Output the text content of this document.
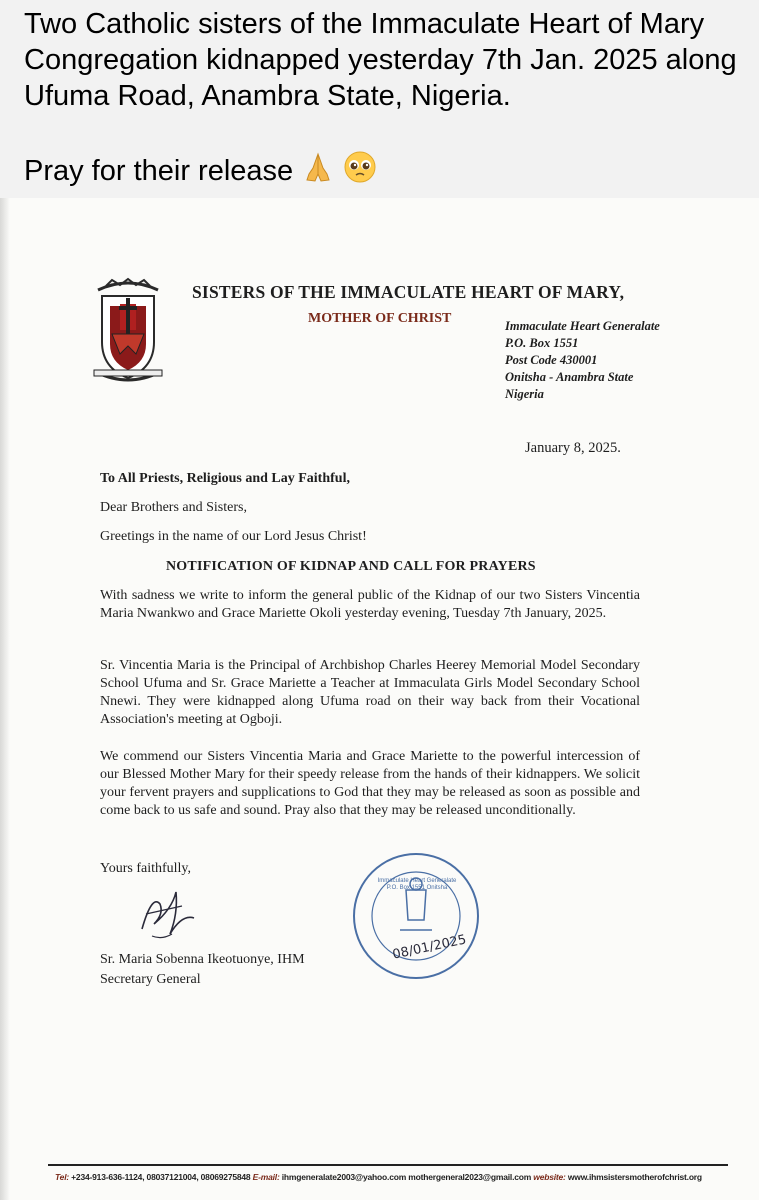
Two Catholic sisters of the Immaculate Heart of Mary Congregation kidnapped yesterday 7th Jan. 2025 along Ufuma Road, Anambra State, Nigeria.

Pray for their release

SISTERS OF THE IMMACULATE HEART OF MARY,

MOTHER OF CHRIST	Immaculate Heart Generalate
P.O. Box 1551
Post Code 430001
Onitsha - Anambra State
Nigeria

January 8, 2025.

To All Priests, Religious and Lay Faithful,

Dear Brothers and Sisters,

Greetings in the name of our Lord Jesus Christ!

NOTIFICATION OF KIDNAP AND CALL FOR PRAYERS

With sadness we write to inform the general public of the Kidnap of our two Sisters Vincentia Maria Nwankwo and Grace Mariette Okoli yesterday evening, Tuesday 7th January, 2025.

Sr. Vincentia Maria is the Principal of Archbishop Charles Heerey Memorial Model Secondary School Ufuma and Sr. Grace Mariette a Teacher at Immaculata Girls Model Secondary School Nnewi. They were kidnapped along Ufuma road on their way back from their Vocational Association's meeting at Ogboji.

We commend our Sisters Vincentia Maria and Grace Mariette to the powerful intercession of our Blessed Mother Mary for their speedy release from the hands of their kidnappers. We solicit your fervent prayers and supplications to God that they may be released as soon as possible and come back to us safe and sound. Pray also that they may be released unconditionally.

Yours faithfully,

Immaculate Heart Generalate P.O. Box 1551 Onitsha
08/01/2025

Sr. Maria Sobenna Ikeotuonye, IHM

Secretary General

Tel: +234-913-636-1124, 08037121004, 08069275848 E-mail: ihmgeneralate2003@yahoo.com mothergeneral2023@gmail.com website: www.ihmsistersmotherofchrist.org
